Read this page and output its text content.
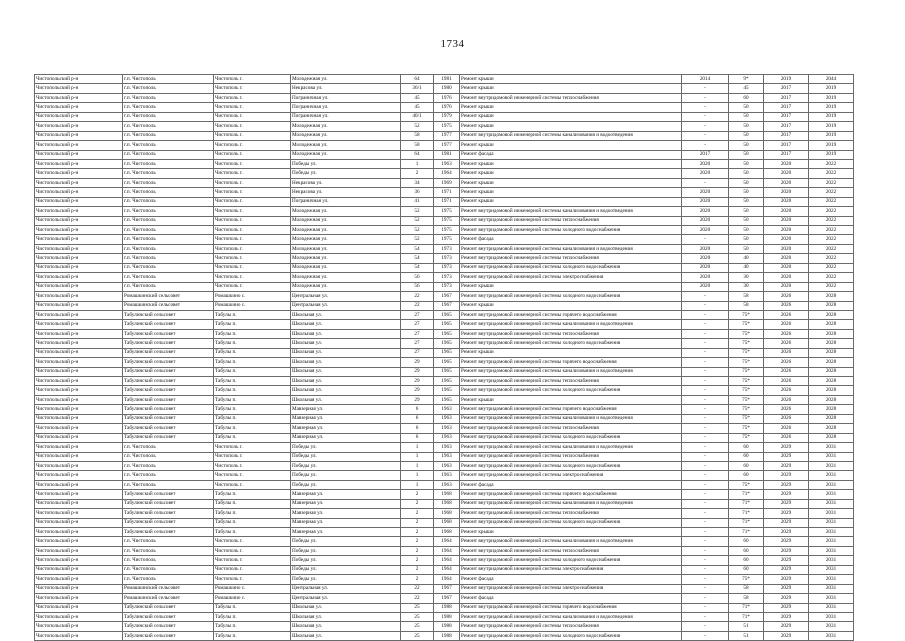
1734
Чистопольский р-н	г.п. Чистополь	Чистополь г.	Молодежная ул.	64	1981	Ремонт крыши	2014	9*	2019	2044
Чистопольский р-н	г.п. Чистополь	Чистополь г.	Некрасова ул.	36/1	1980	Ремонт крыши	-	45	2017	2019
Чистопольский р-н	г.п. Чистополь	Чистополь г.	Пограничная ул.	45	1976	Ремонт внутридомовой инженерной системы теплоснабжения	-	60	2017	2019
Чистопольский р-н	г.п. Чистополь	Чистополь г.	Пограничная ул.	45	1976	Ремонт крыши	-	50	2017	2019
Чистопольский р-н	г.п. Чистополь	Чистополь г.	Пограничная ул.	40/1	1979	Ремонт крыши	-	50	2017	2019
Чистопольский р-н	г.п. Чистополь	Чистополь г.	Молодежная ул.	52	1975	Ремонт крыши	-	50	2017	2019
Чистопольский р-н	г.п. Чистополь	Чистополь г.	Молодежная ул.	58	1977	Ремонт внутридомовой инженерной системы канализования и водоотведения	-	50	2017	2019
Чистопольский р-н	г.п. Чистополь	Чистополь г.	Молодежная ул.	58	1977	Ремонт крыши	-	50	2017	2019
Чистопольский р-н	г.п. Чистополь	Чистополь г.	Молодежная ул.	64	1981	Ремонт фасада	2017	50	2017	2019
Чистопольский р-н	г.п. Чистополь	Чистополь г.	Победы ул.	1	1963	Ремонт крыши	2020	50	2020	2022
Чистопольский р-н	г.п. Чистополь	Чистополь г.	Победы ул.	2	1964	Ремонт крыши	2020	50	2020	2022
Чистопольский р-н	г.п. Чистополь	Чистополь г.	Некрасова ул.	34	1969	Ремонт крыши	-	50	2020	2022
Чистопольский р-н	г.п. Чистополь	Чистополь г.	Некрасова ул.	36	1971	Ремонт крыши	2020	50	2020	2022
Чистопольский р-н	г.п. Чистополь	Чистополь г.	Пограничная ул.	41	1971	Ремонт крыши	2020	50	2020	2022
Чистопольский р-н	г.п. Чистополь	Чистополь г.	Молодежная ул.	52	1975	Ремонт внутридомовой инженерной системы канализования и водоотведения	2020	50	2020	2022
Чистопольский р-н	г.п. Чистополь	Чистополь г.	Молодежная ул.	52	1975	Ремонт внутридомовой инженерной системы теплоснабжения	2020	50	2020	2022
Чистопольский р-н	г.п. Чистополь	Чистополь г.	Молодежная ул.	52	1975	Ремонт внутридомовой инженерной системы холодного водоснабжения	2020	50	2020	2022
Чистопольский р-н	г.п. Чистополь	Чистополь г.	Молодежная ул.	52	1975	Ремонт фасада	-	50	2020	2022
Чистопольский р-н	г.п. Чистополь	Чистополь г.	Молодежная ул.	54	1973	Ремонт внутридомовой инженерной системы канализования и водоотведения	2020	50	2020	2022
Чистопольский р-н	г.п. Чистополь	Чистополь г.	Молодежная ул.	54	1973	Ремонт внутридомовой инженерной системы теплоснабжения	2020	40	2020	2022
Чистопольский р-н	г.п. Чистополь	Чистополь г.	Молодежная ул.	54	1973	Ремонт внутридомовой инженерной системы холодного водоснабжения	2020	40	2020	2022
Чистопольский р-н	г.п. Чистополь	Чистополь г.	Молодежная ул.	56	1973	Ремонт внутридомовой инженерной системы электроснабжения	2020	30	2020	2022
Чистопольский р-н	г.п. Чистополь	Чистополь г.	Молодежная ул.	56	1973	Ремонт крыши	2020	30	2020	2022
Чистопольский р-н	Ромашкинский сельсовет	Ромашкино с.	Центральная ул.	22	1967	Ремонт внутридомовой инженерной системы холодного водоснабжения	-	58	2026	2028
Чистопольский р-н	Ромашкинский сельсовет	Ромашкино с.	Центральная ул.	22	1967	Ремонт крыши	-	58	2026	2028
Чистопольский р-н	Табулинский сельсовет	Табулы п.	Школьная ул.	27	1965	Ремонт внутридомовой инженерной системы горячего водоснабжения	-	75*	2026	2028
Чистопольский р-н	Табулинский сельсовет	Табулы п.	Школьная ул.	27	1965	Ремонт внутридомовой инженерной системы канализования и водоотведения	-	75*	2026	2028
Чистопольский р-н	Табулинский сельсовет	Табулы п.	Школьная ул.	27	1965	Ремонт внутридомовой инженерной системы теплоснабжения	-	75*	2026	2028
Чистопольский р-н	Табулинский сельсовет	Табулы п.	Школьная ул.	27	1965	Ремонт внутридомовой инженерной системы холодного водоснабжения	-	75*	2026	2028
Чистопольский р-н	Табулинский сельсовет	Табулы п.	Школьная ул.	27	1965	Ремонт крыши	-	75*	2026	2028
Чистопольский р-н	Табулинский сельсовет	Табулы п.	Школьная ул.	29	1965	Ремонт внутридомовой инженерной системы горячего водоснабжения	-	75*	2026	2028
Чистопольский р-н	Табулинский сельсовет	Табулы п.	Школьная ул.	29	1965	Ремонт внутридомовой инженерной системы канализования и водоотведения	-	75*	2026	2028
Чистопольский р-н	Табулинский сельсовет	Табулы п.	Школьная ул.	29	1965	Ремонт внутридомовой инженерной системы теплоснабжения	-	75*	2026	2028
Чистопольский р-н	Табулинский сельсовет	Табулы п.	Школьная ул.	29	1965	Ремонт внутридомовой инженерной системы холодного водоснабжения	-	75*	2026	2028
Чистопольский р-н	Табулинский сельсовет	Табулы п.	Школьная ул.	29	1965	Ремонт крыши	-	75*	2026	2028
Чистопольский р-н	Табулинский сельсовет	Табулы п.	Мавзерная ул.	6	1963	Ремонт внутридомовой инженерной системы горячего водоснабжения	-	75*	2026	2028
Чистопольский р-н	Табулинский сельсовет	Табулы п.	Мавзерная ул.	6	1963	Ремонт внутридомовой инженерной системы канализования и водоотведения	-	75*	2026	2028
Чистопольский р-н	Табулинский сельсовет	Табулы п.	Мавзерная ул.	6	1963	Ремонт внутридомовой инженерной системы теплоснабжения	-	75*	2026	2028
Чистопольский р-н	Табулинский сельсовет	Табулы п.	Мавзерная ул.	6	1963	Ремонт внутридомовой инженерной системы холодного водоснабжения	-	75*	2026	2028
Чистопольский р-н	г.п. Чистополь	Чистополь г.	Победы ул.	1	1963	Ремонт внутридомовой инженерной системы канализования и водоотведения	-	60	2029	2031
Чистопольский р-н	г.п. Чистополь	Чистополь г.	Победы ул.	1	1963	Ремонт внутридомовой инженерной системы теплоснабжения	-	60	2029	2031
Чистопольский р-н	г.п. Чистополь	Чистополь г.	Победы ул.	1	1963	Ремонт внутридомовой инженерной системы холодного водоснабжения	-	60	2029	2031
Чистопольский р-н	г.п. Чистополь	Чистополь г.	Победы ул.	1	1963	Ремонт внутридомовой инженерной системы электроснабжения	-	60	2029	2031
Чистопольский р-н	г.п. Чистополь	Чистополь г.	Победы ул.	1	1963	Ремонт фасада	-	75*	2029	2031
Чистопольский р-н	Табулинский сельсовет	Табулы п.	Мавзерная ул.	2	1968	Ремонт внутридомовой инженерной системы горячего водоснабжения	-	71*	2029	2031
Чистопольский р-н	Табулинский сельсовет	Табулы п.	Мавзерная ул.	2	1968	Ремонт внутридомовой инженерной системы канализования и водоотведения	-	71*	2029	2031
Чистопольский р-н	Табулинский сельсовет	Табулы п.	Мавзерная ул.	2	1968	Ремонт внутридомовой инженерной системы теплоснабжения	-	71*	2029	2031
Чистопольский р-н	Табулинский сельсовет	Табулы п.	Мавзерная ул.	2	1968	Ремонт внутридомовой инженерной системы холодного водоснабжения	-	71*	2029	2031
Чистопольский р-н	Табулинский сельсовет	Табулы п.	Мавзерная ул.	2	1968	Ремонт крыши	-	71*	2029	2031
Чистопольский р-н	г.п. Чистополь	Чистополь г.	Победы ул.	2	1964	Ремонт внутридомовой инженерной системы канализования и водоотведения	-	60	2029	2031
Чистопольский р-н	г.п. Чистополь	Чистополь г.	Победы ул.	2	1964	Ремонт внутридомовой инженерной системы теплоснабжения	-	60	2029	2031
Чистопольский р-н	г.п. Чистополь	Чистополь г.	Победы ул.	2	1964	Ремонт внутридомовой инженерной системы холодного водоснабжения	-	60	2029	2031
Чистопольский р-н	г.п. Чистополь	Чистополь г.	Победы ул.	2	1964	Ремонт внутридомовой инженерной системы электроснабжения	-	60	2029	2031
Чистопольский р-н	г.п. Чистополь	Чистополь г.	Победы ул.	2	1964	Ремонт фасада	-	75*	2029	2031
Чистопольский р-н	Ромашкинский сельсовет	Ромашкино с.	Центральная ул.	22	1967	Ремонт внутридомовой инженерной системы электроснабжения	-	58	2029	2031
Чистопольский р-н	Ромашкинский сельсовет	Ромашкино с.	Центральная ул.	22	1967	Ремонт фасада	-	58	2029	2031
Чистопольский р-н	Табулинский сельсовет	Табулы п.	Школьная ул.	25	1988	Ремонт внутридомовой инженерной системы горячего водоснабжения	-	71*	2029	2031
Чистопольский р-н	Табулинский сельсовет	Табулы п.	Школьная ул.	25	1988	Ремонт внутридомовой инженерной системы канализования и водоотведения	-	71*	2029	2031
Чистопольский р-н	Табулинский сельсовет	Табулы п.	Школьная ул.	25	1988	Ремонт внутридомовой инженерной системы теплоснабжения	-	51	2029	2031
Чистопольский р-н	Табулинский сельсовет	Табулы п.	Школьная ул.	25	1988	Ремонт внутридомовой инженерной системы холодного водоснабжения	-	51	2029	2031
